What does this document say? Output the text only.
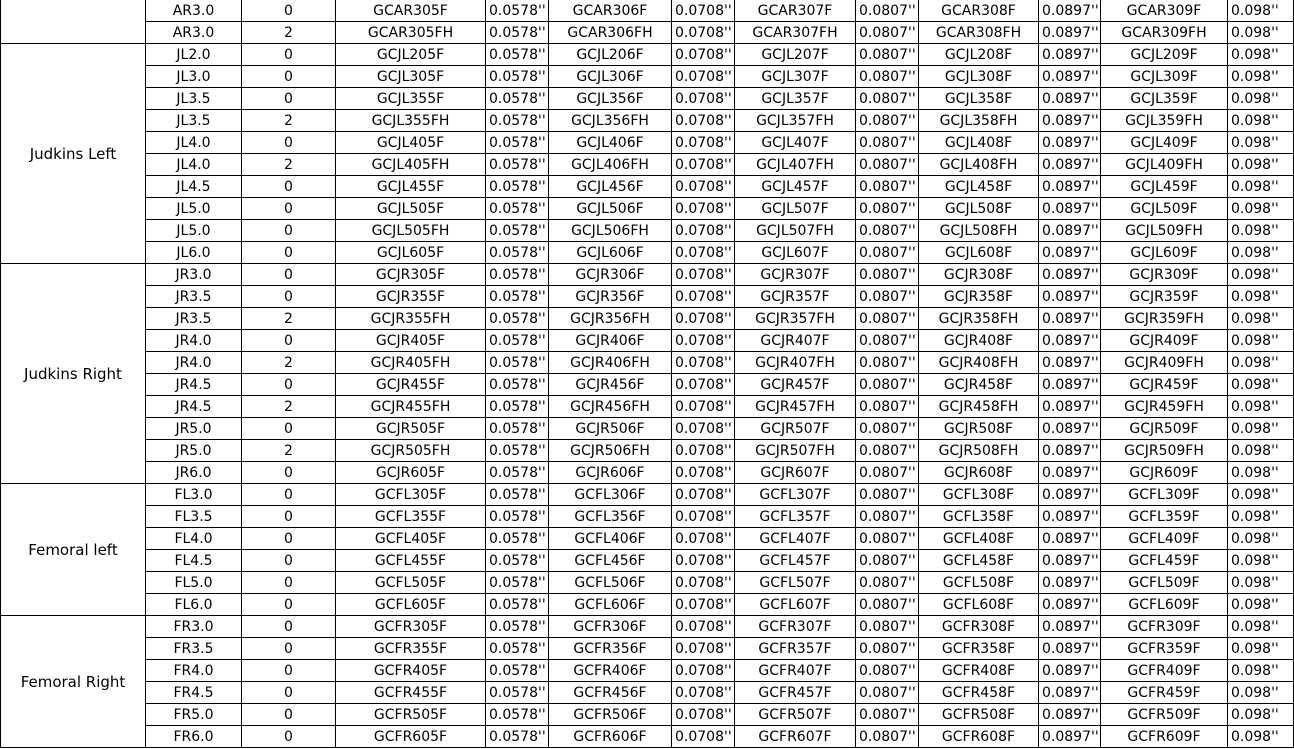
	AR3.0	0	GCAR305F	0.0578''	GCAR306F	0.0708''	GCAR307F	0.0807''	GCAR308F	0.0897''	GCAR309F	0.098''
	AR3.0	2	GCAR305FH	0.0578''	GCAR306FH	0.0708''	GCAR307FH	0.0807''	GCAR308FH	0.0897''	GCAR309FH	0.098''
Judkins Left	JL2.0	0	GCJL205F	0.0578''	GCJL206F	0.0708''	GCJL207F	0.0807''	GCJL208F	0.0897''	GCJL209F	0.098''
	JL3.0	0	GCJL305F	0.0578''	GCJL306F	0.0708''	GCJL307F	0.0807''	GCJL308F	0.0897''	GCJL309F	0.098''
	JL3.5	0	GCJL355F	0.0578''	GCJL356F	0.0708''	GCJL357F	0.0807''	GCJL358F	0.0897''	GCJL359F	0.098''
	JL3.5	2	GCJL355FH	0.0578''	GCJL356FH	0.0708''	GCJL357FH	0.0807''	GCJL358FH	0.0897''	GCJL359FH	0.098''
	JL4.0	0	GCJL405F	0.0578''	GCJL406F	0.0708''	GCJL407F	0.0807''	GCJL408F	0.0897''	GCJL409F	0.098''
	JL4.0	2	GCJL405FH	0.0578''	GCJL406FH	0.0708''	GCJL407FH	0.0807''	GCJL408FH	0.0897''	GCJL409FH	0.098''
	JL4.5	0	GCJL455F	0.0578''	GCJL456F	0.0708''	GCJL457F	0.0807''	GCJL458F	0.0897''	GCJL459F	0.098''
	JL5.0	0	GCJL505F	0.0578''	GCJL506F	0.0708''	GCJL507F	0.0807''	GCJL508F	0.0897''	GCJL509F	0.098''
	JL5.0	0	GCJL505FH	0.0578''	GCJL506FH	0.0708''	GCJL507FH	0.0807''	GCJL508FH	0.0897''	GCJL509FH	0.098''
	JL6.0	0	GCJL605F	0.0578''	GCJL606F	0.0708''	GCJL607F	0.0807''	GCJL608F	0.0897''	GCJL609F	0.098''
Judkins Right	JR3.0	0	GCJR305F	0.0578''	GCJR306F	0.0708''	GCJR307F	0.0807''	GCJR308F	0.0897''	GCJR309F	0.098''
	JR3.5	0	GCJR355F	0.0578''	GCJR356F	0.0708''	GCJR357F	0.0807''	GCJR358F	0.0897''	GCJR359F	0.098''
	JR3.5	2	GCJR355FH	0.0578''	GCJR356FH	0.0708''	GCJR357FH	0.0807''	GCJR358FH	0.0897''	GCJR359FH	0.098''
	JR4.0	0	GCJR405F	0.0578''	GCJR406F	0.0708''	GCJR407F	0.0807''	GCJR408F	0.0897''	GCJR409F	0.098''
	JR4.0	2	GCJR405FH	0.0578''	GCJR406FH	0.0708''	GCJR407FH	0.0807''	GCJR408FH	0.0897''	GCJR409FH	0.098''
	JR4.5	0	GCJR455F	0.0578''	GCJR456F	0.0708''	GCJR457F	0.0807''	GCJR458F	0.0897''	GCJR459F	0.098''
	JR4.5	2	GCJR455FH	0.0578''	GCJR456FH	0.0708''	GCJR457FH	0.0807''	GCJR458FH	0.0897''	GCJR459FH	0.098''
	JR5.0	0	GCJR505F	0.0578''	GCJR506F	0.0708''	GCJR507F	0.0807''	GCJR508F	0.0897''	GCJR509F	0.098''
	JR5.0	2	GCJR505FH	0.0578''	GCJR506FH	0.0708''	GCJR507FH	0.0807''	GCJR508FH	0.0897''	GCJR509FH	0.098''
	JR6.0	0	GCJR605F	0.0578''	GCJR606F	0.0708''	GCJR607F	0.0807''	GCJR608F	0.0897''	GCJR609F	0.098''
Femoral left	FL3.0	0	GCFL305F	0.0578''	GCFL306F	0.0708''	GCFL307F	0.0807''	GCFL308F	0.0897''	GCFL309F	0.098''
	FL3.5	0	GCFL355F	0.0578''	GCFL356F	0.0708''	GCFL357F	0.0807''	GCFL358F	0.0897''	GCFL359F	0.098''
	FL4.0	0	GCFL405F	0.0578''	GCFL406F	0.0708''	GCFL407F	0.0807''	GCFL408F	0.0897''	GCFL409F	0.098''
	FL4.5	0	GCFL455F	0.0578''	GCFL456F	0.0708''	GCFL457F	0.0807''	GCFL458F	0.0897''	GCFL459F	0.098''
	FL5.0	0	GCFL505F	0.0578''	GCFL506F	0.0708''	GCFL507F	0.0807''	GCFL508F	0.0897''	GCFL509F	0.098''
	FL6.0	0	GCFL605F	0.0578''	GCFL606F	0.0708''	GCFL607F	0.0807''	GCFL608F	0.0897''	GCFL609F	0.098''
Femoral Right	FR3.0	0	GCFR305F	0.0578''	GCFR306F	0.0708''	GCFR307F	0.0807''	GCFR308F	0.0897''	GCFR309F	0.098''
	FR3.5	0	GCFR355F	0.0578''	GCFR356F	0.0708''	GCFR357F	0.0807''	GCFR358F	0.0897''	GCFR359F	0.098''
	FR4.0	0	GCFR405F	0.0578''	GCFR406F	0.0708''	GCFR407F	0.0807''	GCFR408F	0.0897''	GCFR409F	0.098''
	FR4.5	0	GCFR455F	0.0578''	GCFR456F	0.0708''	GCFR457F	0.0807''	GCFR458F	0.0897''	GCFR459F	0.098''
	FR5.0	0	GCFR505F	0.0578''	GCFR506F	0.0708''	GCFR507F	0.0807''	GCFR508F	0.0897''	GCFR509F	0.098''
	FR6.0	0	GCFR605F	0.0578''	GCFR606F	0.0708''	GCFR607F	0.0807''	GCFR608F	0.0897''	GCFR609F	0.098''
